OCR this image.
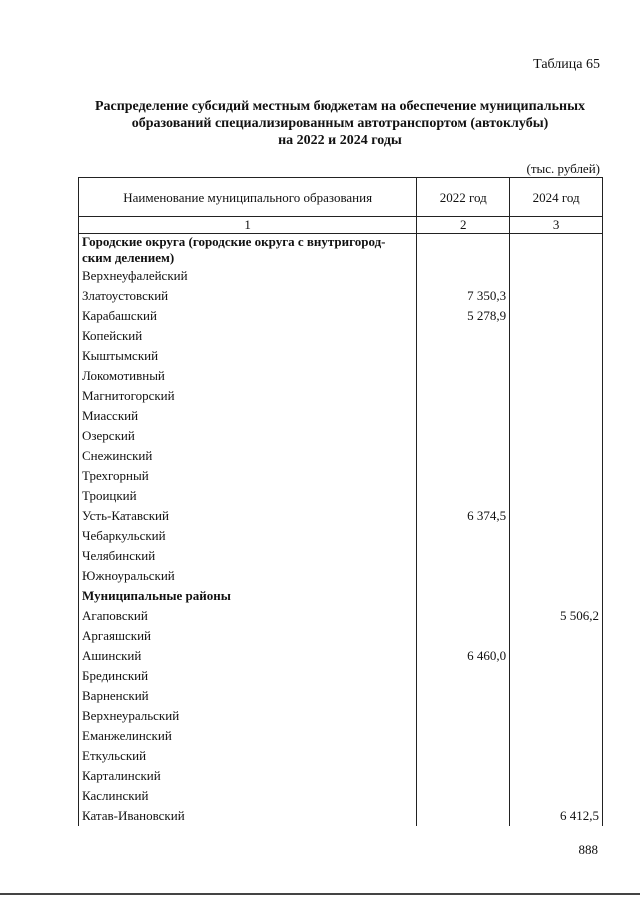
Таблица 65
Распределение субсидий местным бюджетам на обеспечение муниципальных
образований специализированным автотранспортом (автоклубы)
на 2022 и 2024 годы
(тыс. рублей)
Наименование муниципального образования	2022 год	2024 год
1	2	3
Городские округа (городские округа с внутригород-ским делением)		
Верхнеуфалейский		
Златоустовский	7 350,3	
Карабашский	5 278,9	
Копейский		
Кыштымский		
Локомотивный		
Магнитогорский		
Миасский		
Озерский		
Снежинский		
Трехгорный		
Троицкий		
Усть-Катавский	6 374,5	
Чебаркульский		
Челябинский		
Южноуральский		
Муниципальные районы		
Агаповский		5 506,2
Аргаяшский		
Ашинский	6 460,0	
Брединский		
Варненский		
Верхнеуральский		
Еманжелинский		
Еткульский		
Карталинский		
Каслинский		
Катав-Ивановский		6 412,5
888
